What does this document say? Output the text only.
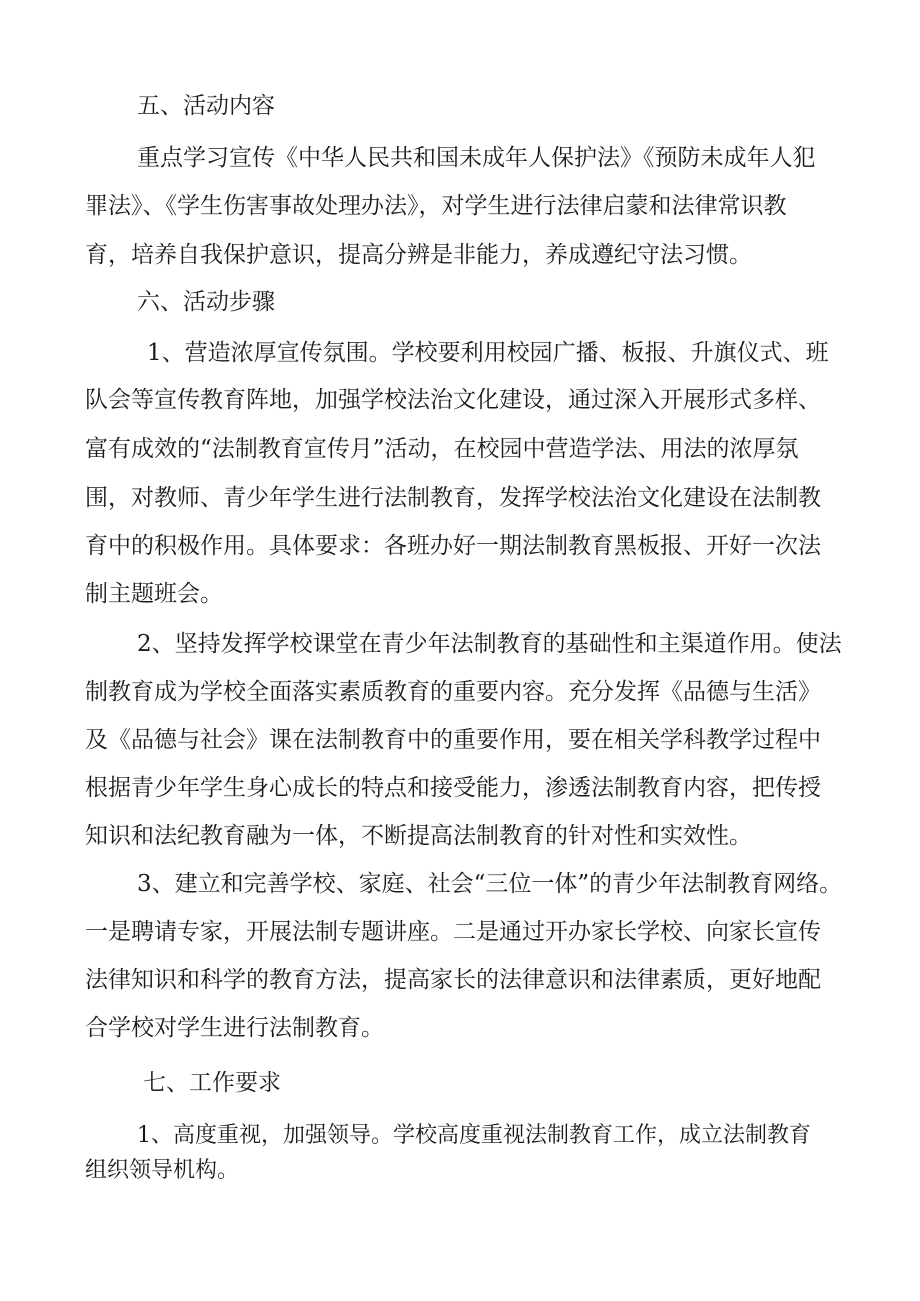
五、活动内容
重点学习宣传《中华人民共和国未成年人保护法》《预防未成年人犯
罪法》、《学生伤害事故处理办法》，对学生进行法律启蒙和法律常识教
育，培养自我保护意识，提高分辨是非能力，养成遵纪守法习惯。
六、活动步骤
1、营造浓厚宣传氛围。学校要利用校园广播、板报、升旗仪式、班
队会等宣传教育阵地，加强学校法治文化建设，通过深入开展形式多样、
富有成效的“法制教育宣传月”活动，在校园中营造学法、用法的浓厚氛
围，对教师、青少年学生进行法制教育，发挥学校法治文化建设在法制教
育中的积极作用。具体要求：各班办好一期法制教育黑板报、开好一次法
制主题班会。
2、坚持发挥学校课堂在青少年法制教育的基础性和主渠道作用。使法
制教育成为学校全面落实素质教育的重要内容。充分发挥《品德与生活》
及《品德与社会》课在法制教育中的重要作用，要在相关学科教学过程中
根据青少年学生身心成长的特点和接受能力，渗透法制教育内容，把传授
知识和法纪教育融为一体，不断提高法制教育的针对性和实效性。
3、建立和完善学校、家庭、社会“三位一体”的青少年法制教育网络。
一是聘请专家，开展法制专题讲座。二是通过开办家长学校、向家长宣传
法律知识和科学的教育方法，提高家长的法律意识和法律素质，更好地配
合学校对学生进行法制教育。
七、工作要求
1、高度重视，加强领导。学校高度重视法制教育工作，成立法制教育
组织领导机构。
